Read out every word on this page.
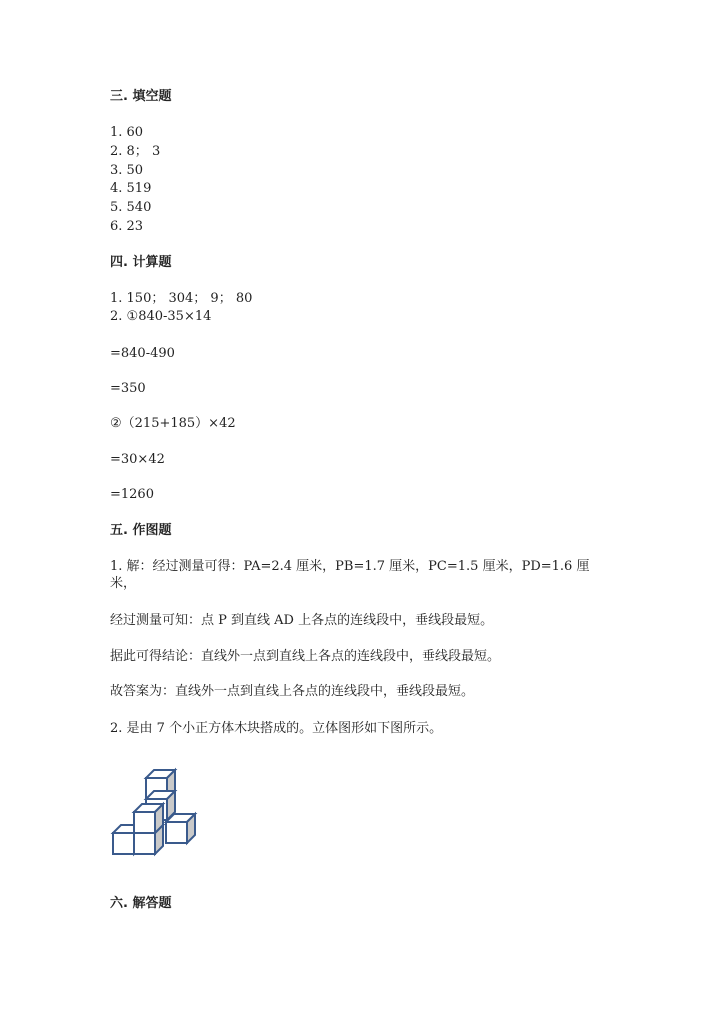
三. 填空题
1. 60
2. 8； 3
3. 50
4. 519
5. 540
6. 23
四. 计算题
1. 150； 304； 9； 80
2. ①840-35×14
=840-490
=350
②（215+185）×42
=30×42
=1260
五. 作图题
1. 解：经过测量可得：PA=2.4 厘米，PB=1.7 厘米，PC=1.5 厘米，PD=1.6 厘米，
经过测量可知：点 P 到直线 AD 上各点的连线段中，垂线段最短。
据此可得结论：直线外一点到直线上各点的连线段中，垂线段最短。
故答案为：直线外一点到直线上各点的连线段中，垂线段最短。
2. 是由 7 个小正方体木块搭成的。立体图形如下图所示。
六. 解答题
